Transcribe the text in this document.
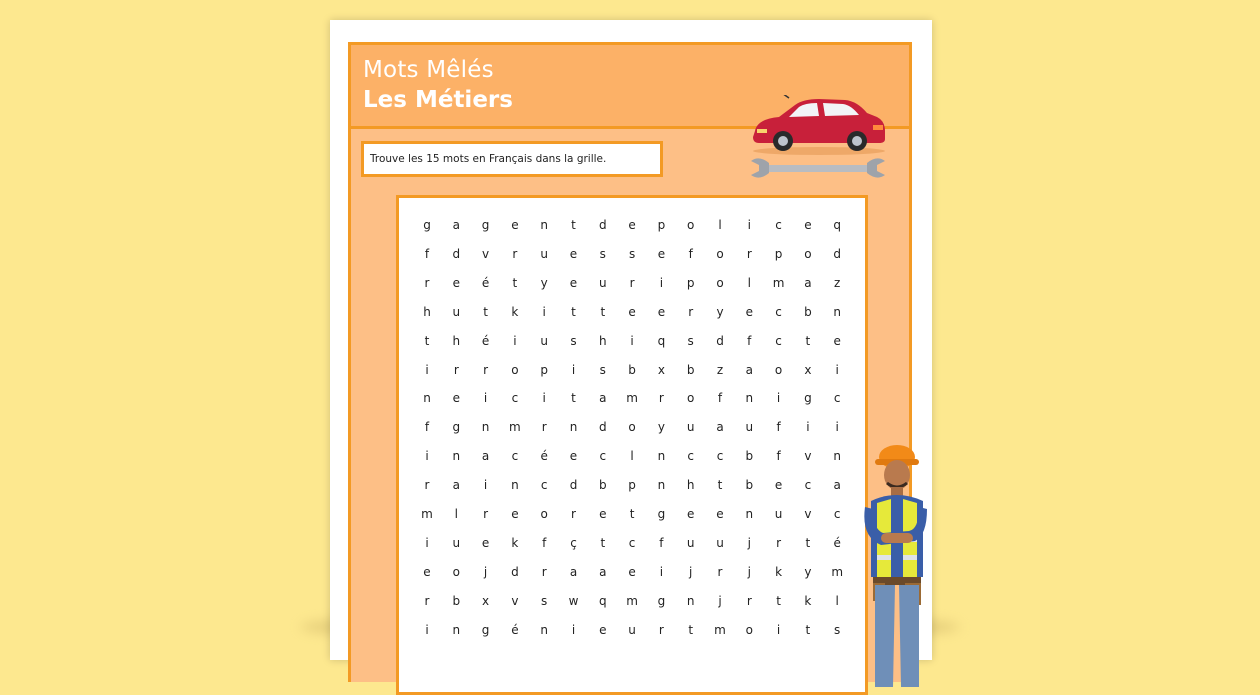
Mots Mêlés
Les Métiers
Trouve les 15 mots en Français dans la grille.
g	a	g	e	n	t	d	e	p	o	l	i	c	e	q
f	d	v	r	u	e	s	s	e	f	o	r	p	o	d
r	e	é	t	y	e	u	r	i	p	o	l	m	a	z
h	u	t	k	i	t	t	e	e	r	y	e	c	b	n
t	h	é	i	u	s	h	i	q	s	d	f	c	t	e
i	r	r	o	p	i	s	b	x	b	z	a	o	x	i
n	e	i	c	i	t	a	m	r	o	f	n	i	g	c
f	g	n	m	r	n	d	o	y	u	a	u	f	i	i
i	n	a	c	é	e	c	l	n	c	c	b	f	v	n
r	a	i	n	c	d	b	p	n	h	t	b	e	c	a
m	l	r	e	o	r	e	t	g	e	e	n	u	v	c
i	u	e	k	f	ç	t	c	f	u	u	j	r	t	é
e	o	j	d	r	a	a	e	i	j	r	j	k	y	m
r	b	x	v	s	w	q	m	g	n	j	r	t	k	l
i	n	g	é	n	i	e	u	r	t	m	o	i	t	s
